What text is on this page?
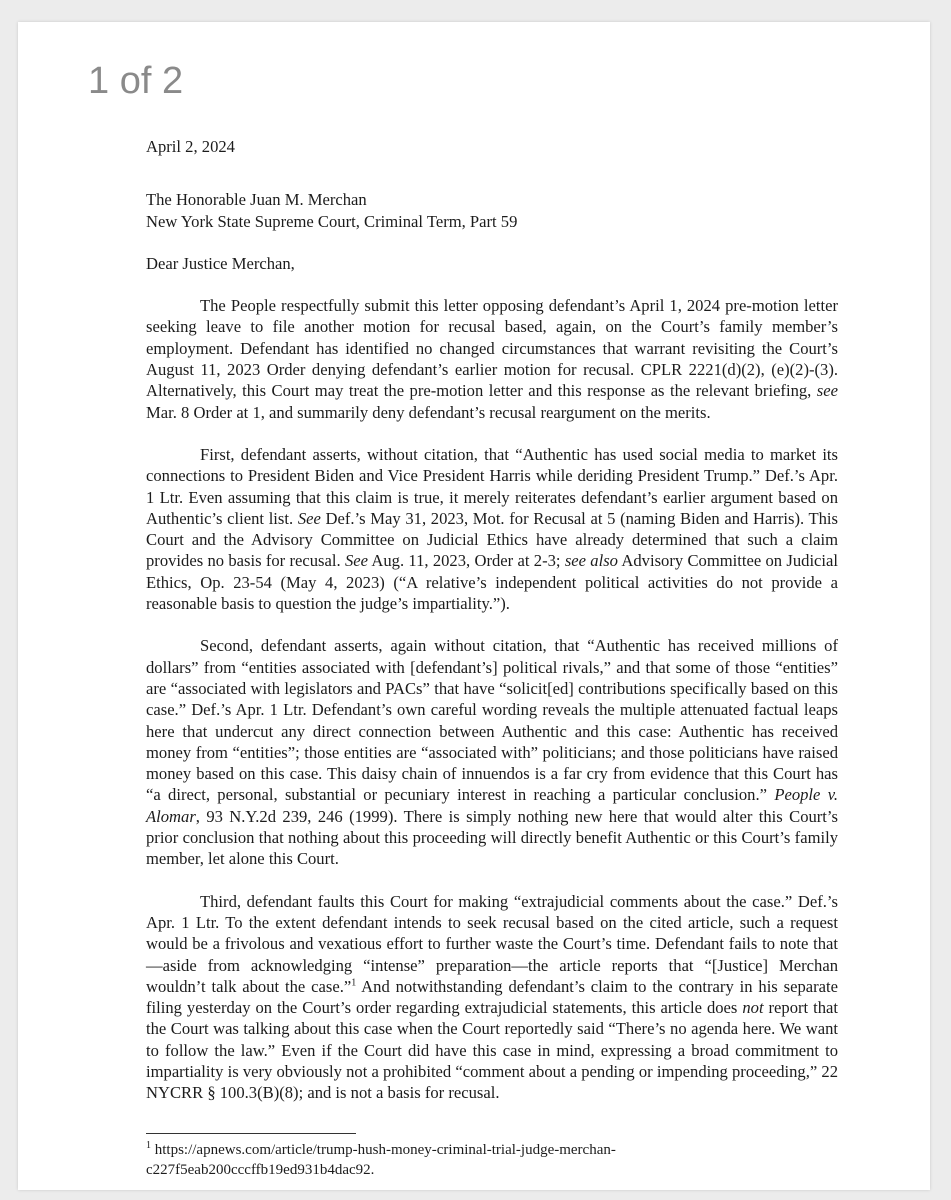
1 of 2

April 2, 2024

The Honorable Juan M. Merchan

New York State Supreme Court, Criminal Term, Part 59

Dear Justice Merchan,

The People respectfully submit this letter opposing defendant’s April 1, 2024 pre-motion letter seeking leave to file another motion for recusal based, again, on the Court’s family member’s employment. Defendant has identified no changed circumstances that warrant revisiting the Court’s August 11, 2023 Order denying defendant’s earlier motion for recusal. CPLR 2221(d)(2), (e)(2)-(3). Alternatively, this Court may treat the pre-motion letter and this response as the relevant briefing, see Mar. 8 Order at 1, and summarily deny defendant’s recusal reargument on the merits.

First, defendant asserts, without citation, that “Authentic has used social media to market its connections to President Biden and Vice President Harris while deriding President Trump.” Def.’s Apr. 1 Ltr. Even assuming that this claim is true, it merely reiterates defendant’s earlier argument based on Authentic’s client list. See Def.’s May 31, 2023, Mot. for Recusal at 5 (naming Biden and Harris). This Court and the Advisory Committee on Judicial Ethics have already determined that such a claim provides no basis for recusal. See Aug. 11, 2023, Order at 2-3; see also Advisory Committee on Judicial Ethics, Op. 23-54 (May 4, 2023) (“A relative’s independent political activities do not provide a reasonable basis to question the judge’s impartiality.”).

Second, defendant asserts, again without citation, that “Authentic has received millions of dollars” from “entities associated with [defendant’s] political rivals,” and that some of those “entities” are “associated with legislators and PACs” that have “solicit[ed] contributions specifically based on this case.” Def.’s Apr. 1 Ltr. Defendant’s own careful wording reveals the multiple attenuated factual leaps here that undercut any direct connection between Authentic and this case: Authentic has received money from “entities”; those entities are “associated with” politicians; and those politicians have raised money based on this case. This daisy chain of innuendos is a far cry from evidence that this Court has “a direct, personal, substantial or pecuniary interest in reaching a particular conclusion.” People v. Alomar, 93 N.Y.2d 239, 246 (1999). There is simply nothing new here that would alter this Court’s prior conclusion that nothing about this proceeding will directly benefit Authentic or this Court’s family member, let alone this Court.

Third, defendant faults this Court for making “extrajudicial comments about the case.” Def.’s Apr. 1 Ltr. To the extent defendant intends to seek recusal based on the cited article, such a request would be a frivolous and vexatious effort to further waste the Court’s time. Defendant fails to note that—aside from acknowledging “intense” preparation—the article reports that “[Justice] Merchan wouldn’t talk about the case.”$^1$ And notwithstanding defendant’s claim to the contrary in his separate filing yesterday on the Court’s order regarding extrajudicial statements, this article does not report that the Court was talking about this case when the Court reportedly said “There’s no agenda here. We want to follow the law.” Even if the Court did have this case in mind, expressing a broad commitment to impartiality is very obviously not a prohibited “comment about a pending or impending proceeding,” 22 NYCRR § 100.3(B)(8); and is not a basis for recusal.

$^1$ https://apnews.com/article/trump-hush-money-criminal-trial-judge-merchan-

c227f5eab200cccffb19ed931b4dac92.
